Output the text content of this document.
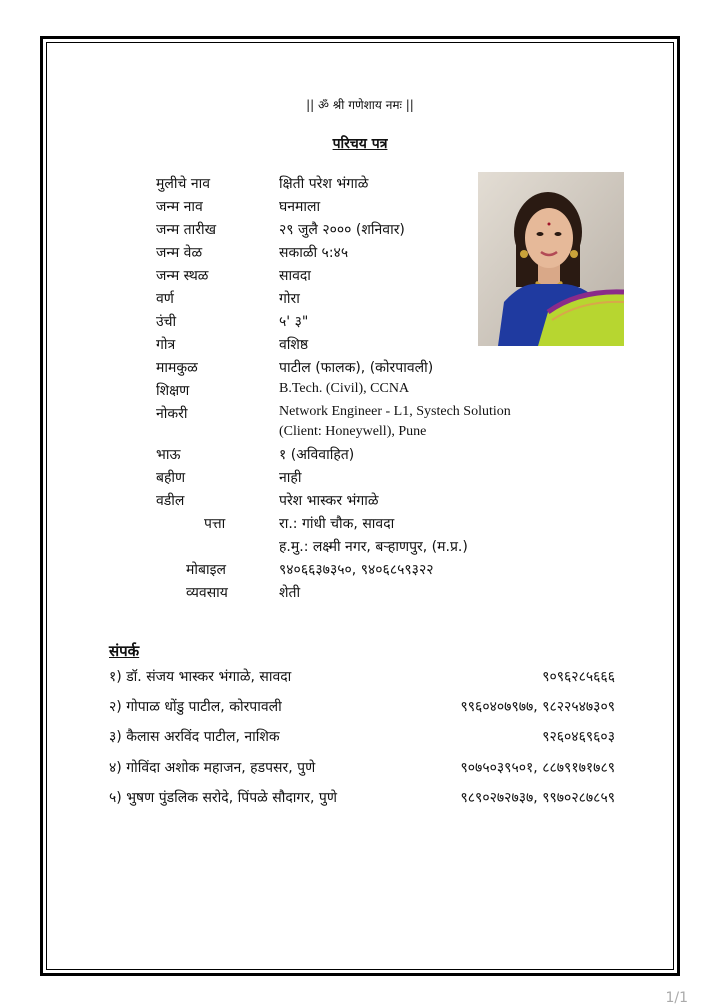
|| ॐ श्री गणेशाय नमः ||
परिचय पत्र
मुलीचे नाव	क्षिती परेश भंगाळे
जन्म नाव	घनमाला
जन्म तारीख	२९ जुलै २००० (शनिवार)
जन्म वेळ	सकाळी ५:४५
जन्म स्थळ	सावदा
वर्ण	गोरा
उंची	५' ३"
गोत्र	वशिष्ठ
मामकुळ	पाटील (फालक), (कोरपावली)
शिक्षण	B.Tech. (Civil), CCNA
नोकरी	Network Engineer - L1, Systech Solution
(Client: Honeywell), Pune
भाऊ	१ (अविवाहित)
बहीण	नाही
वडील	परेश भास्कर भंगाळे
पत्ता	रा.: गांधी चौक, सावदा
ह.मु.: लक्ष्मी नगर, बऱ्हाणपुर, (म.प्र.)
मोबाइल	९४०६६३७३५०, ९४०६८५९३२२
व्यवसाय	शेती
संपर्क
१) डॉ. संजय भास्कर भंगाळे, सावदा	९०९६२८५६६६
२) गोपाळ धोंडु पाटील, कोरपावली	९९६०४०७९७७, ९८२२५४७३०९
३) कैलास अरविंद पाटील, नाशिक	९२६०४६९६०३
४) गोविंदा अशोक महाजन, हडपसर, पुणे	९०७५०३९५०१, ८८७९१७१७८९
५) भुषण पुंडलिक सरोदे, पिंपळे सौदागर, पुणे	९८९०२७२७३७, ९९७०२८७८५९
1/1
